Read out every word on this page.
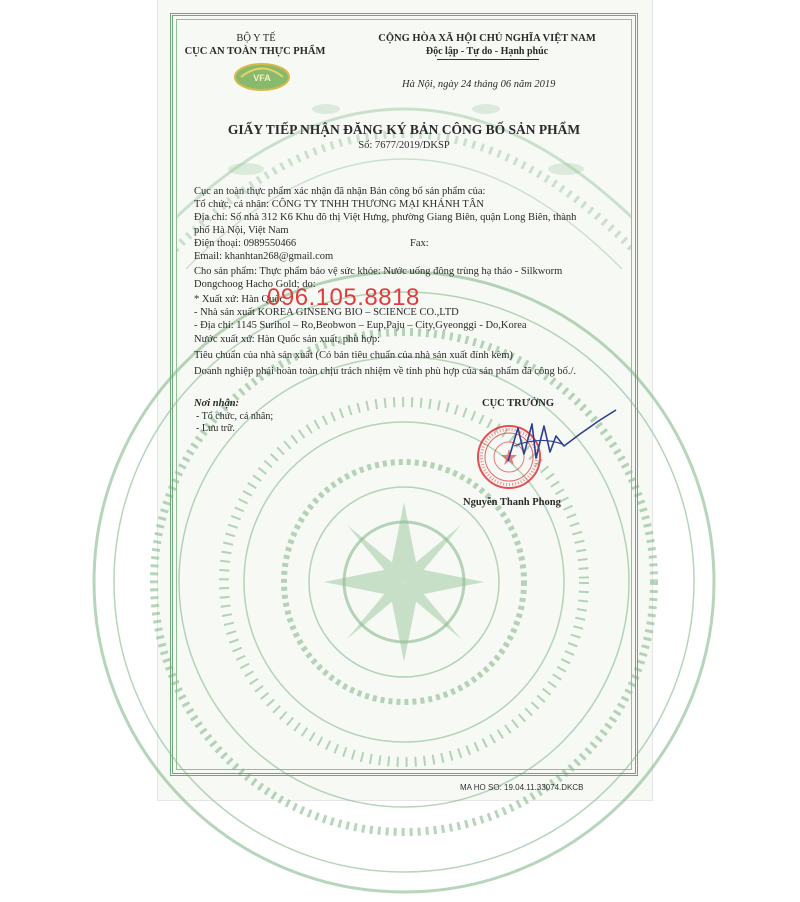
BỘ Y TẾ
CỤC AN TOÀN THỰC PHẨM
VFA
CỘNG HÒA XÃ HỘI CHỦ NGHĨA VIỆT NAM
Độc lập - Tự do - Hạnh phúc
Hà Nội, ngày 24 tháng 06 năm 2019
GIẤY TIẾP NHẬN ĐĂNG KÝ BẢN CÔNG BỐ SẢN PHẨM
Số: 7677/2019/DKSP
Cục an toàn thực phẩm xác nhận đã nhận Bản công bố sản phẩm của:
Tổ chức, cá nhân: CÔNG TY TNHH THƯƠNG MẠI KHÁNH TÂN
Địa chỉ: Số nhà 312 K6 Khu đô thị Việt Hưng, phường Giang Biên, quận Long Biên, thành
phố Hà Nội, Việt Nam
Điện thoại: 0989550466	Fax:
Email: khanhtan268@gmail.com
Cho sản phẩm: Thực phẩm bảo vệ sức khỏe: Nước uống đông trùng hạ thảo - Silkworm
Dongchoog Hacho Gold; do:
* Xuất xứ: Hàn Quốc
- Nhà sản xuất KOREA GINSENG BIO – SCIENCE CO.,LTD
- Địa chỉ: 1145 Surihol – Ro,Beobwon – Eup,Paju – City,Gyeonggi - Do,Korea
Nước xuất xứ: Hàn Quốc sản xuất, phù hợp:
Tiêu chuẩn của nhà sản xuất (Có bản tiêu chuẩn của nhà sản xuất đính kèm)
Doanh nghiệp phải hoàn toàn chịu trách nhiệm về tính phù hợp của sản phẩm đã công bố./.
096.105.8818
Nơi nhận:
- Tổ chức, cá nhân;
- Lưu trữ.
CỤC TRƯỞNG
Nguyễn Thanh Phong
MA HO SO: 19.04.11.33074.DKCB
